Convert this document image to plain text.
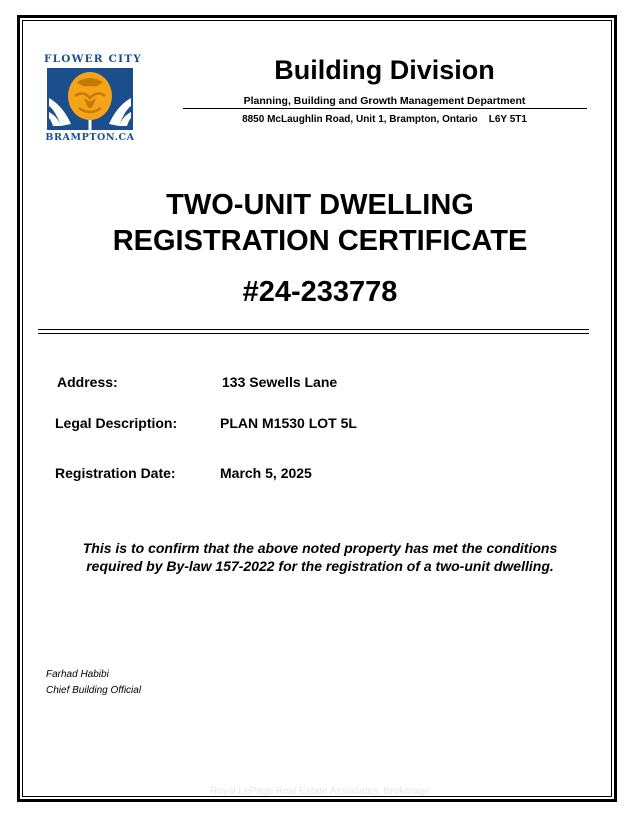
FLOWER CITY
BRAMPTON.CA
Building Division
Planning, Building and Growth Management Department
8850 McLaughlin Road, Unit 1, Brampton, Ontario    L6Y 5T1
TWO-UNIT DWELLING
REGISTRATION CERTIFICATE
#24-233778
Address:	133 Sewells Lane
Legal Description:	PLAN M1530 LOT 5L
Registration Date:	March 5, 2025
This is to confirm that the above noted property has met the conditions
required by By-law 157-2022 for the registration of a two-unit dwelling.
Farhad Habibi
Chief Building Official
Royal LePage Real Estate Associates, Brokerage
